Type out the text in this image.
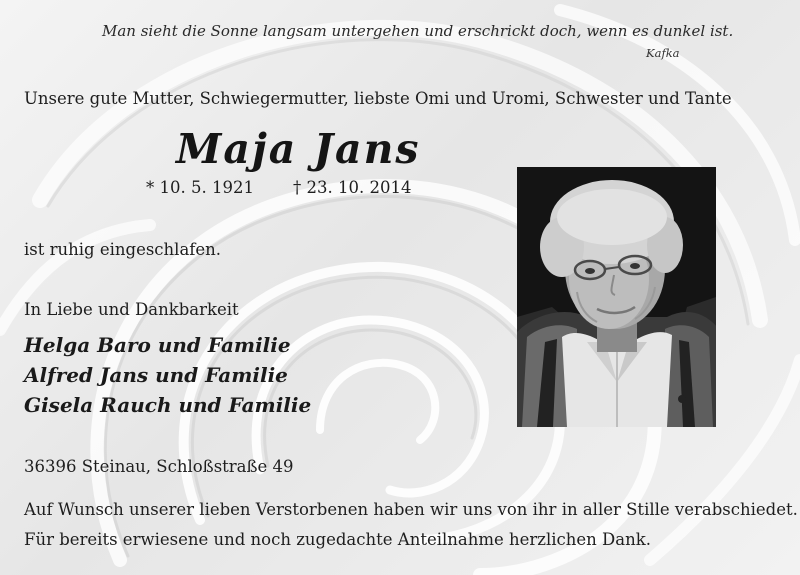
Man sieht die Sonne langsam untergehen und erschrickt doch, wenn es dunkel ist.

Kafka

Unsere gute Mutter, Schwiegermutter, liebste Omi und Uromi, Schwester und Tante

Maja Jans

* 10. 5. 1921 † 23. 10. 2014

ist ruhig eingeschlafen.

In Liebe und Dankbarkeit

Helga Baro und Familie

Alfred Jans und Familie

Gisela Rauch und Familie

36396 Steinau, Schloßstraße 49

Auf Wunsch unserer lieben Verstorbenen haben wir uns von ihr in aller Stille verabschiedet.

Für bereits erwiesene und noch zugedachte Anteilnahme herzlichen Dank.
